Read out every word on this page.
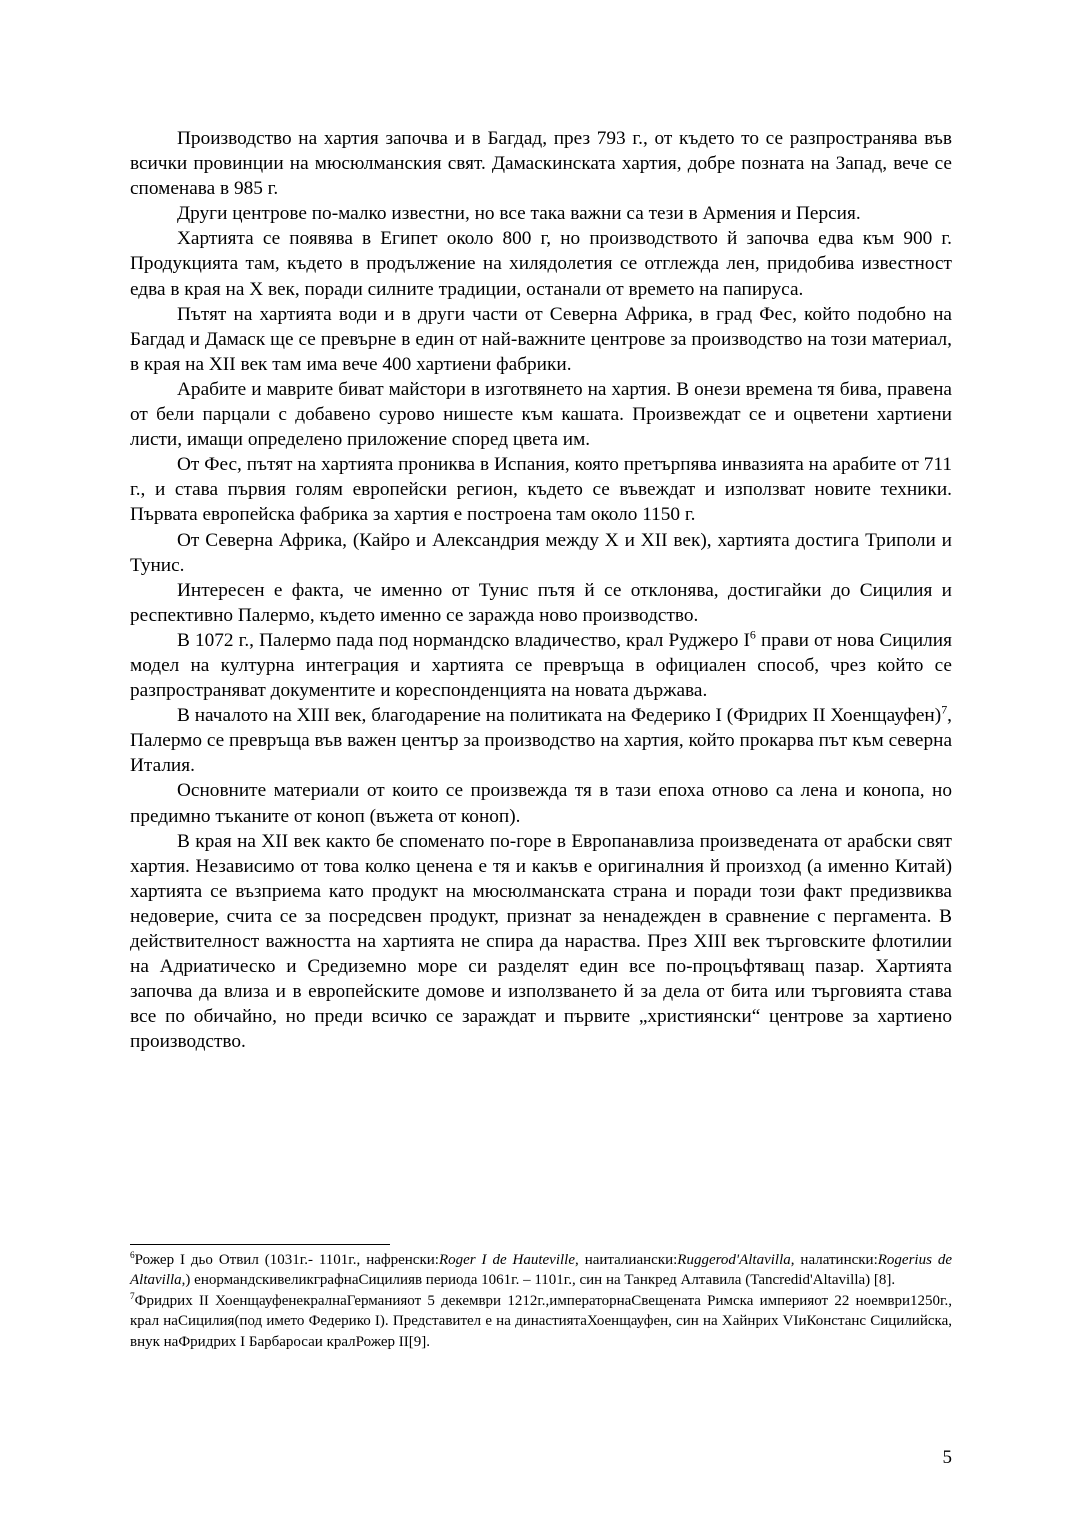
Производство на хартия започва и в Багдад, през 793 г., от където то се разпространява във всички провинции на мюсюлманския свят. Дамаскинската хартия, добре позната на Запад, вече се споменава в 985 г.

Други центрове по-малко известни, но все така важни са тези в Армения и Персия.

Хартията се появява в Египет около 800 г, но производството й започва едва към 900 г. Продукцията там, където в продължение на хилядолетия се отглежда лен, придобива известност едва в края на Х век, поради силните традиции, останали от времето на папируса.

Пътят на хартията води и в други части от Северна Африка, в град Фес, който подобно на Багдад и Дамаск ще се превърне в един от най-важните центрове за производство на този материал, в края на ХІІ век там има вече 400 хартиени фабрики.

Арабите и маврите биват майстори в изготвянето на хартия. В онези времена тя бива, правена от бели парцали с добавено сурово нишесте към кашата. Произвеждат се и оцветени хартиени листи, имащи определено приложение според цвета им.

От Фес, пътят на хартията прониква в Испания, която претърпява инвазията на арабите от 711 г., и става първия голям европейски регион, където се въвеждат и използват новите техники. Първата европейска фабрика за хартия е построена там около 1150 г.

От Северна Африка, (Кайро и Александрия между Х и ХІІ век), хартията достига Триполи и Тунис.

Интересен е факта, че именно от Тунис пътя й се отклонява, достигайки до Сицилия и респективно Палермо, където именно се заражда ново производство.

В 1072 г., Палермо пада под нормандско владичество, крал Руджеро $I^6$ прави от нова Сицилия модел на културна интеграция и хартията се превръща в официален способ, чрез който се разпространяват документите и кореспонденцията на новата държава.

В началото на ХІІІ век, благодарение на политиката на Федерико I (Фридрих II Хоенщауфен)$^7$, Палермо се превръща във важен център за производство на хартия, който прокарва път към северна Италия.

Основните материали от които се произвежда тя в тази епоха отново са лена и конопа, но предимно тъканите от коноп (въжета от коноп).

В края на ХІІ век както бе споменато по-горе в Европанавлиза произведената от арабски свят хартия. Независимо от това колко ценена е тя и какъв е оригиналния й произход (а именно Китай) хартията се възприема като продукт на мюсюлманската страна и поради този факт предизвиква недоверие, счита се за посредсвен продукт, признат за ненадежден в сравнение с пергамента. В действителност важността на хартията не спира да нараства. През ХІІІ век търговските флотилии на Адриатическо и Средиземно море си разделят един все по-процъфтяващ пазар. Хартията започва да влиза и в европейските домове и използването й за дела от бита или търговията става все по обичайно, но преди всичко се зараждат и първите „християнски“ центрове за хартиено производство.

$^6$Рожер I дьо Отвил (1031г.- 1101г., нафренски:Roger I de Hauteville, наиталиански:Ruggerod'Altavilla, налатински:Rogerius de Altavilla,) енормандскивеликграфнаСицилияв периода 1061г. – 1101г., син на Танкред Алтавила (Tancredid'Altavilla) [8].

$^7$Фридрих II ХоенщауфенекралнаГерманияот 5 декември 1212г.,императорнаСвещената Римска империяот 22 ноември1250г., крал наСицилия(под името Федерико I). Представител е на династиятаХоенщауфен, син на Хайнрих VIиКонстанс Сицилийска, внук наФридрих I Барбаросаи кралРожер II[9].

5
